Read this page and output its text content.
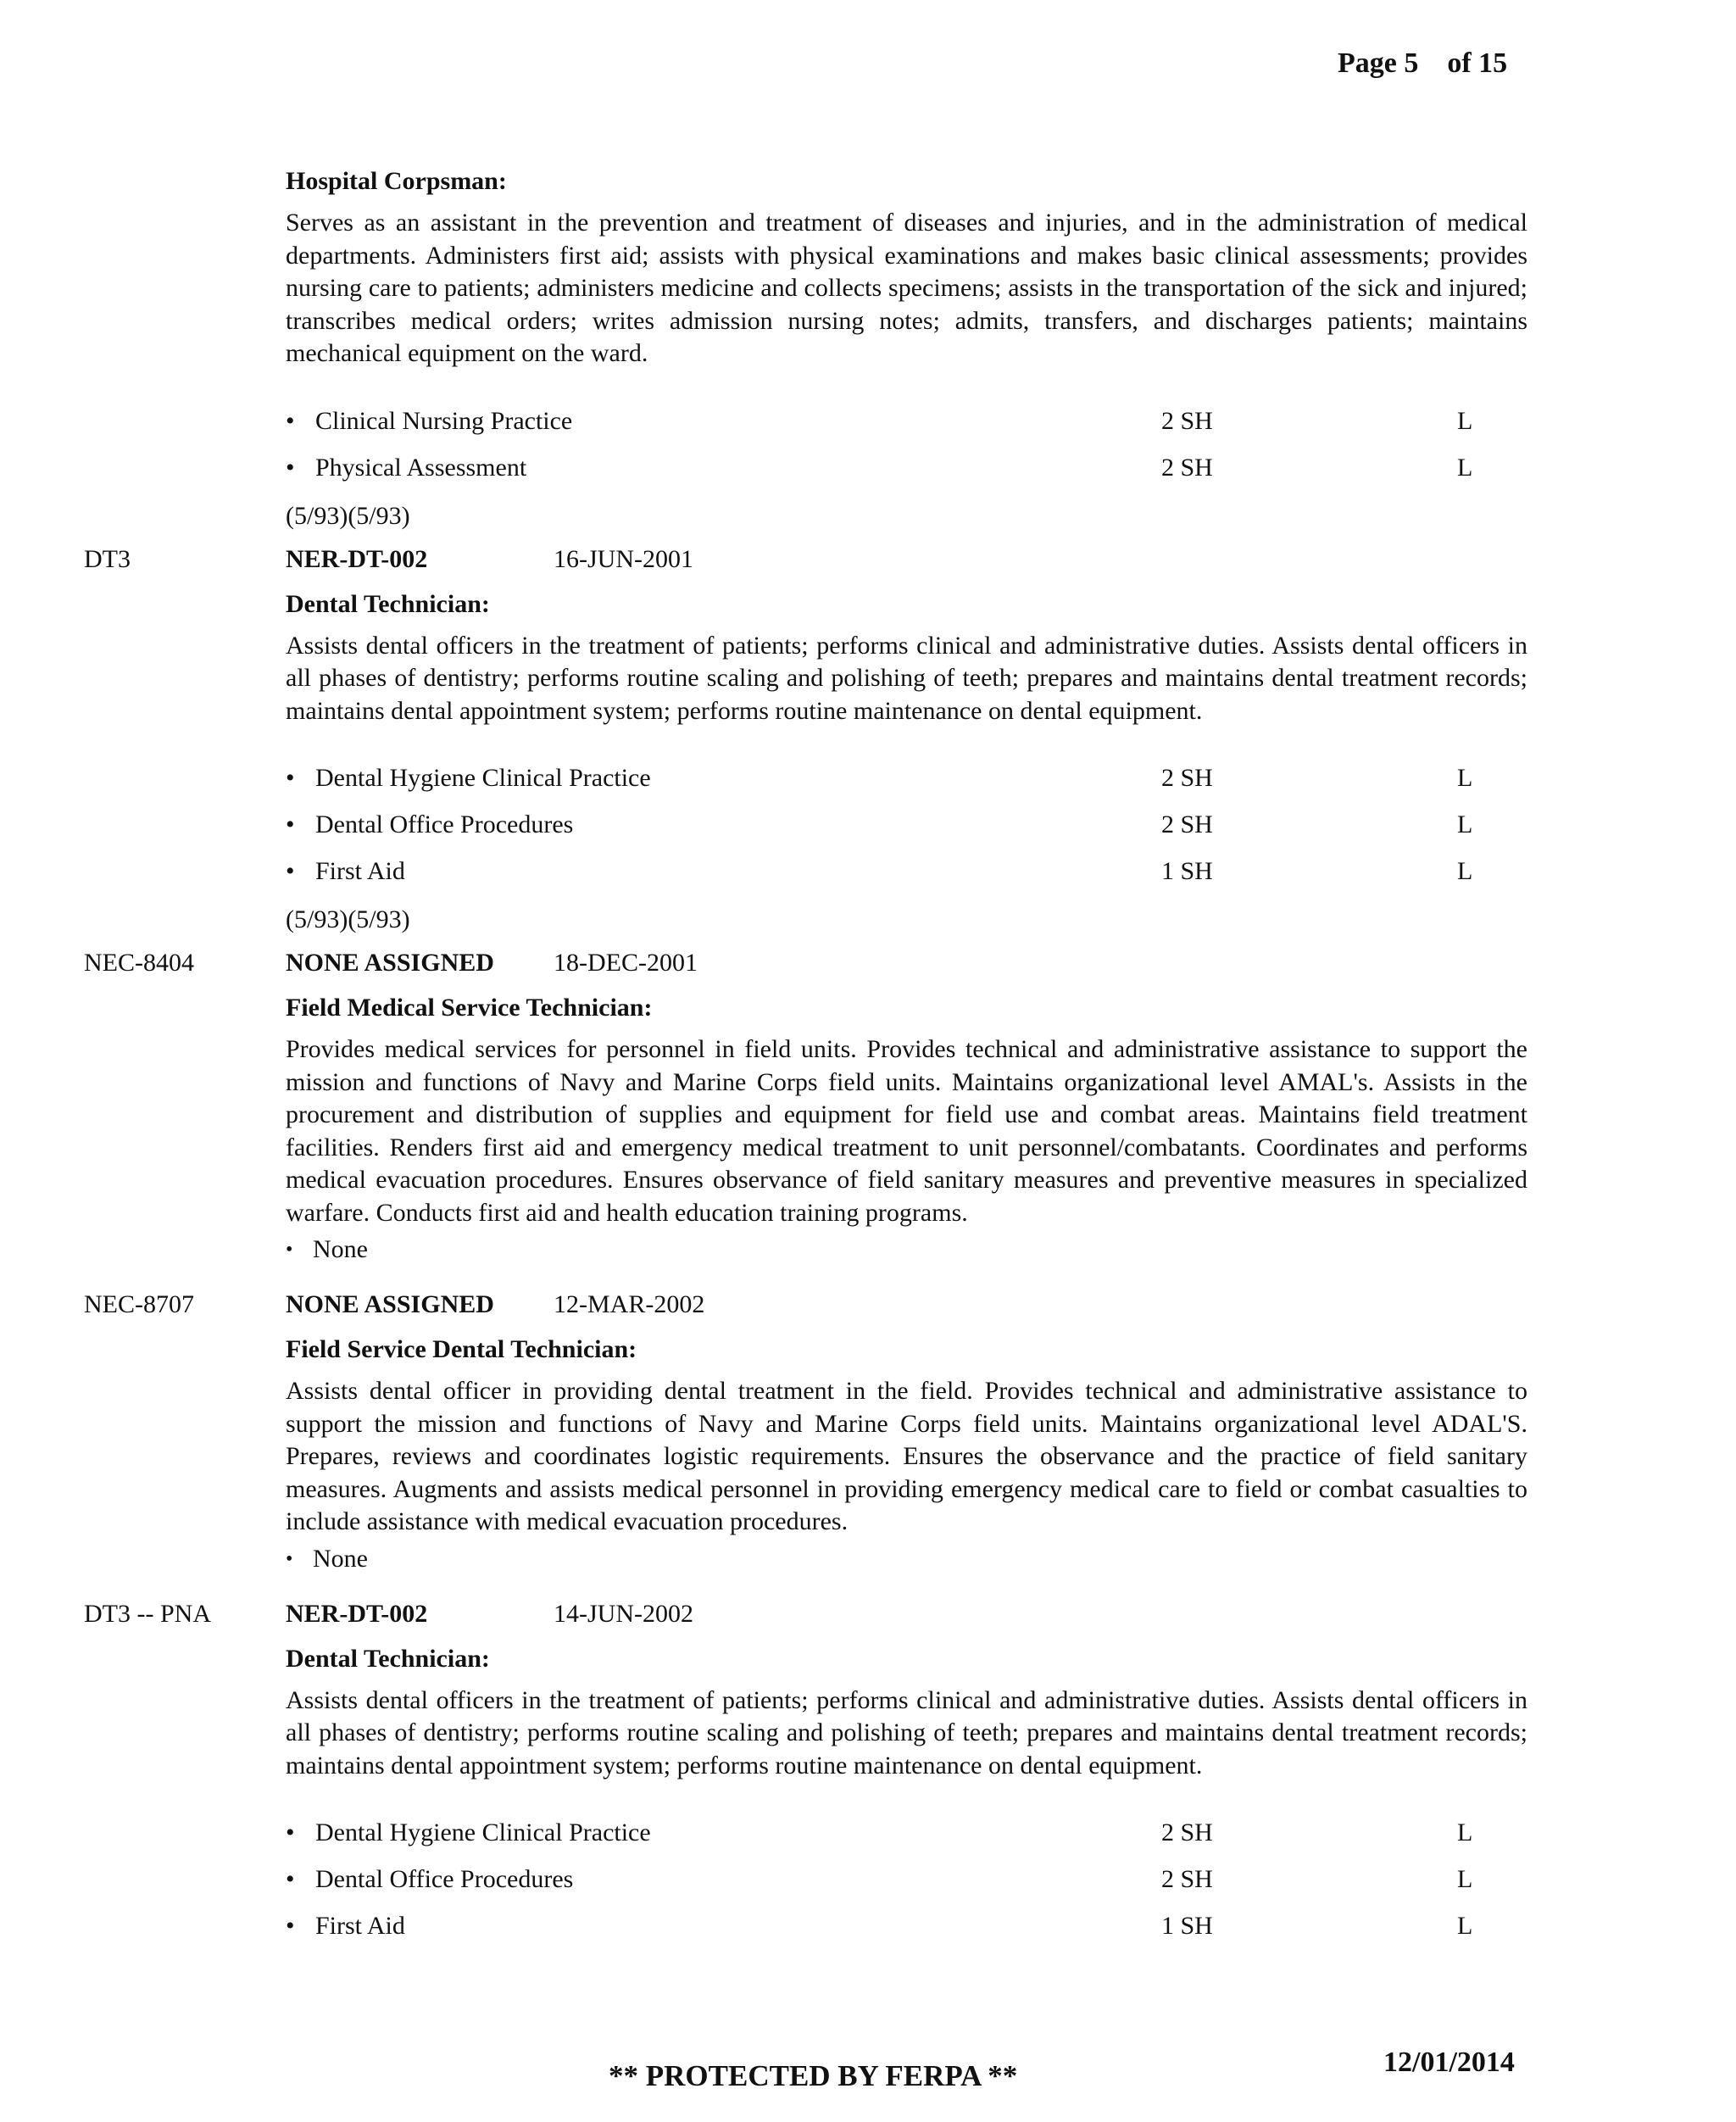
Page 5    of 15
Hospital Corpsman:

Serves as an assistant in the prevention and treatment of diseases and injuries, and in the administration of medical departments. Administers first aid; assists with physical examinations and makes basic clinical assessments; provides nursing care to patients; administers medicine and collects specimens; assists in the transportation of the sick and injured; transcribes medical orders; writes admission nursing notes; admits, transfers, and discharges patients; maintains mechanical equipment on the ward.

• Clinical Nursing Practice	2 SH	L
• Physical Assessment	2 SH	L
(5/93)(5/93)
DT3	NER-DT-002	16-JUN-2001
Dental Technician:

Assists dental officers in the treatment of patients; performs clinical and administrative duties. Assists dental officers in all phases of dentistry; performs routine scaling and polishing of teeth; prepares and maintains dental treatment records; maintains dental appointment system; performs routine maintenance on dental equipment.

• Dental Hygiene Clinical Practice	2 SH	L
• Dental Office Procedures	2 SH	L
• First Aid	1 SH	L
(5/93)(5/93)
NEC-8404	NONE ASSIGNED 18-DEC-2001
Field Medical Service Technician:

Provides medical services for personnel in field units. Provides technical and administrative assistance to support the mission and functions of Navy and Marine Corps field units. Maintains organizational level AMAL's. Assists in the procurement and distribution of supplies and equipment for field use and combat areas. Maintains field treatment facilities. Renders first aid and emergency medical treatment to unit personnel/combatants. Coordinates and performs medical evacuation procedures. Ensures observance of field sanitary measures and preventive measures in specialized warfare. Conducts first aid and health education training programs.

• None
NEC-8707	NONE ASSIGNED 12-MAR-2002
Field Service Dental Technician:

Assists dental officer in providing dental treatment in the field. Provides technical and administrative assistance to support the mission and functions of Navy and Marine Corps field units. Maintains organizational level ADAL'S. Prepares, reviews and coordinates logistic requirements. Ensures the observance and the practice of field sanitary measures. Augments and assists medical personnel in providing emergency medical care to field or combat casualties to include assistance with medical evacuation procedures.

• None
DT3 -- PNA	NER-DT-002	14-JUN-2002
Dental Technician:

Assists dental officers in the treatment of patients; performs clinical and administrative duties. Assists dental officers in all phases of dentistry; performs routine scaling and polishing of teeth; prepares and maintains dental treatment records; maintains dental appointment system; performs routine maintenance on dental equipment.

• Dental Hygiene Clinical Practice	2 SH	L
• Dental Office Procedures	2 SH	L
• First Aid	1 SH	L
** PROTECTED BY FERPA **	12/01/2014
